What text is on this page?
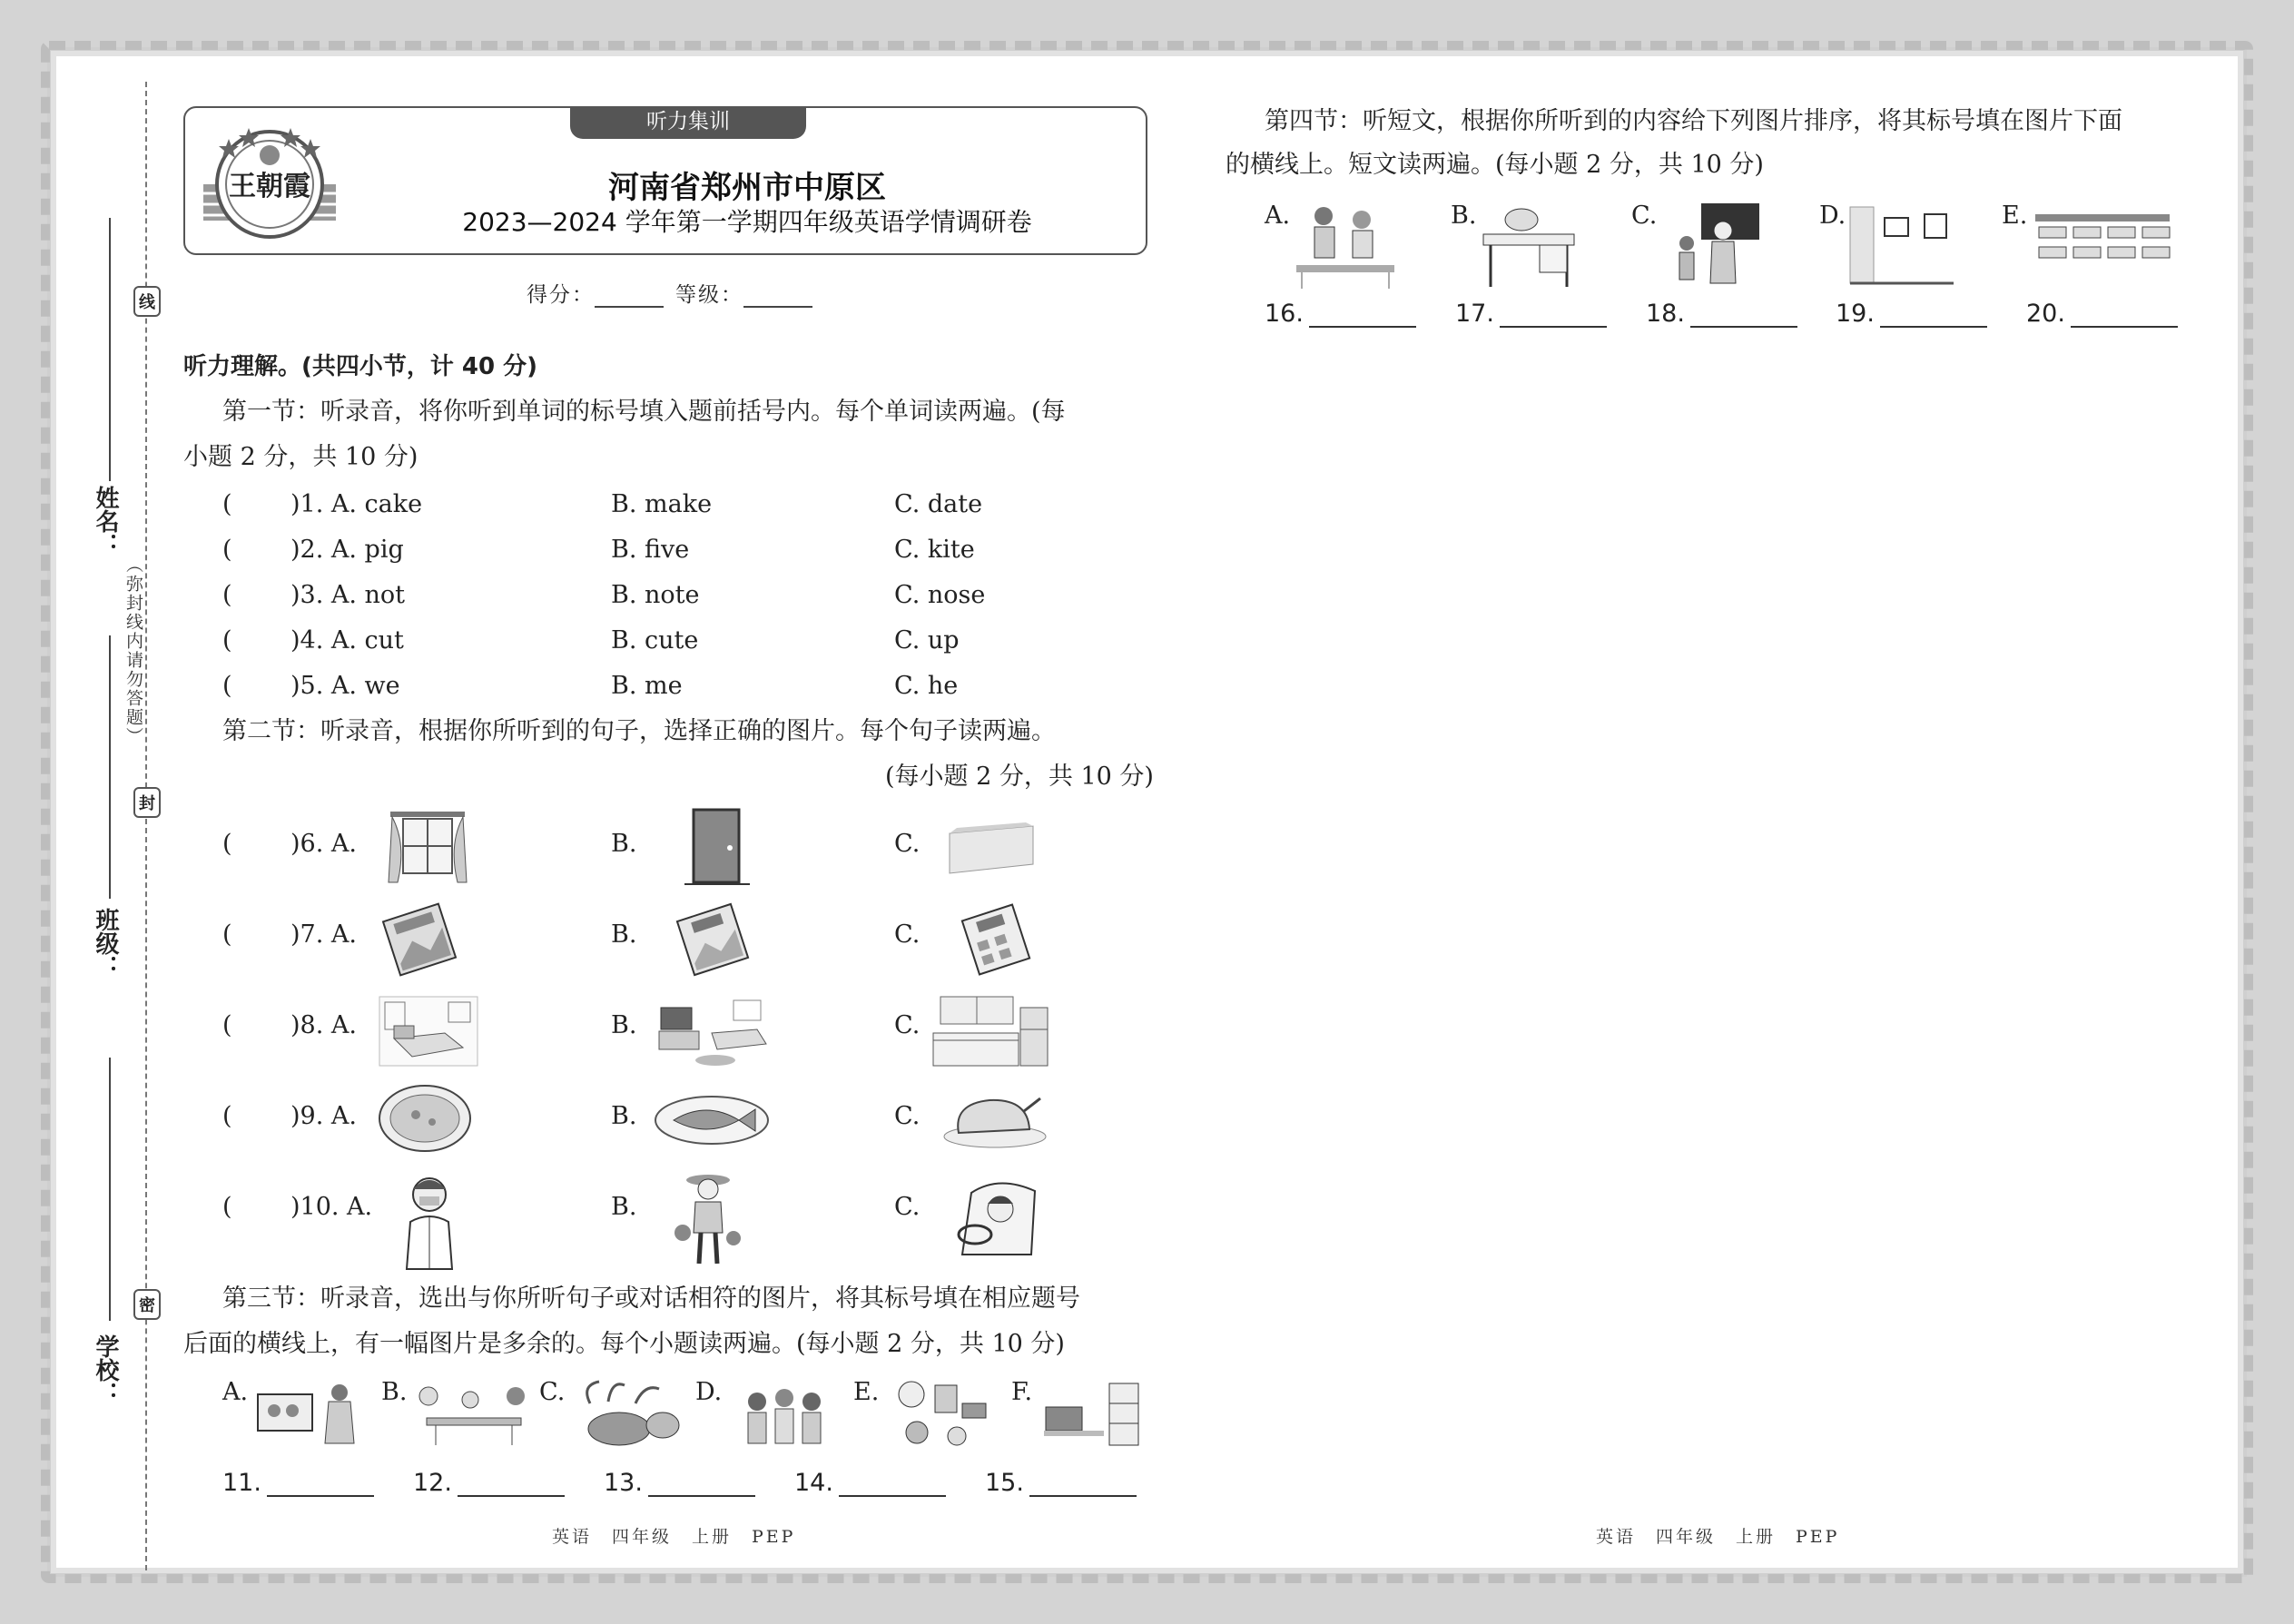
线
封
密
（弥封线内请勿答题）
姓名：
班级：
学校：
听力集训
王朝霞	河南省郑州市中原区
2023—2024 学年第一学期四年级英语学情调研卷
得分：	等级：
听力理解。(共四小节，计 40 分)
第一节：听录音，将你听到单词的标号填入题前括号内。每个单词读两遍。(每
小题 2 分，共 10 分)
( )1. A. cake	B. make	C. date
( )2. A. pig	B. five	C. kite
( )3. A. not	B. note	C. nose
( )4. A. cut	B. cute	C. up
( )5. A. we	B. me	C. he
第二节：听录音，根据你所听到的句子，选择正确的图片。每个句子读两遍。
(每小题 2 分，共 10 分)
( )6. A.	B.	C.
( )7. A.	B.	C.
( )8. A.	B.	C.
( )9. A.	B.	C.
( )10. A.	B.	C.
第三节：听录音，选出与你所听句子或对话相符的图片，将其标号填在相应题号
后面的横线上，有一幅图片是多余的。每个小题读两遍。(每小题 2 分，共 10 分)
A.	B.	C.	D.	E.	F.
11.	12.	13.	14.	15.
第四节：听短文，根据你所听到的内容给下列图片排序，将其标号填在图片下面
的横线上。短文读两遍。(每小题 2 分，共 10 分)
A.	B.	C.	D.	E.
16.	17.	18.	19.	20.
英语　四年级　上册　PEP	英语　四年级　上册　PEP
